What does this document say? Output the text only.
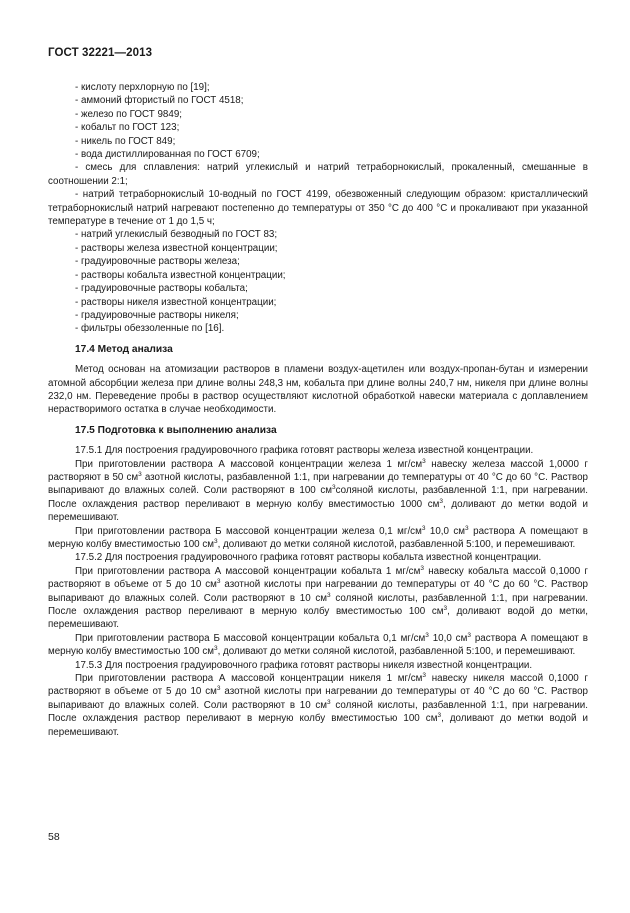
ГОСТ 32221—2013

- кислоту перхлорную по [19];

- аммоний фтористый по ГОСТ 4518;

- железо по ГОСТ 9849;

- кобальт по ГОСТ 123;

- никель по ГОСТ 849;

- вода дистиллированная по ГОСТ 6709;

- смесь для сплавления: натрий углекислый и натрий тетраборнокислый, прокаленный, смешанные в соотношении 2:1;

- натрий тетраборнокислый 10-водный по ГОСТ 4199, обезвоженный следующим образом: кристаллический тетраборнокислый натрий нагревают постепенно до температуры от 350 °С до 400 °С и прокаливают при указанной температуре в течение от 1 до 1,5 ч;

- натрий углекислый безводный по ГОСТ 83;

- растворы железа известной концентрации;

- градуировочные растворы железа;

- растворы кобальта известной концентрации;

- градуировочные растворы кобальта;

- растворы никеля известной концентрации;

- градуировочные растворы никеля;

- фильтры обеззоленные по [16].

17.4 Метод анализа

Метод основан на атомизации растворов в пламени воздух-ацетилен или воздух-пропан-бутан и измерении атомной абсорбции железа при длине волны 248,3 нм, кобальта при длине волны 240,7 нм, никеля при длине волны 232,0 нм. Переведение пробы в раствор осуществляют кислотной обработкой навески материала с доплавлением нерастворимого остатка в случае необходимости.

17.5 Подготовка к выполнению анализа

17.5.1 Для построения градуировочного графика готовят растворы железа известной концентрации.

При приготовлении раствора А массовой концентрации железа 1 $мг/см^3$ навеску железа массой 1,0000 г растворяют в 50 $см^3$ азотной кислоты, разбавленной 1:1, при нагревании до температуры от 40 °С до 60 °С. Раствор выпаривают до влажных солей. Соли растворяют в 100 $см^3соляной$ кислоты, разбавленной 1:1, при нагревании. После охлаждения раствор переливают в мерную колбу вместимостью 1000 $см^3$, доливают до метки водой и перемешивают.

При приготовлении раствора Б массовой концентрации железа 0,1 $мг/см^3$ 10,0 $см^3$ раствора А помещают в мерную колбу вместимостью 100 $см^3$, доливают до метки соляной кислотой, разбавленной 5:100, и перемешивают.

17.5.2 Для построения градуировочного графика готовят растворы кобальта известной концентрации.

При приготовлении раствора А массовой концентрации кобальта 1 $мг/см^3$ навеску кобальта массой 0,1000 г растворяют в объеме от 5 до 10 $см^3$ азотной кислоты при нагревании до температуры от 40 °С до 60 °С. Раствор выпаривают до влажных солей. Соли растворяют в 10 $см^3$ соляной кислоты, разбавленной 1:1, при нагревании. После охлаждения раствор переливают в мерную колбу вместимостью 100 $см^3$, доливают водой до метки, перемешивают.

При приготовлении раствора Б массовой концентрации кобальта 0,1 $мг/см^3$ 10,0 $см^3$ раствора А помещают в мерную колбу вместимостью 100 $см^3$, доливают до метки соляной кислотой, разбавленной 5:100, и перемешивают.

17.5.3 Для построения градуировочного графика готовят растворы никеля известной концентрации.

При приготовлении раствора А массовой концентрации никеля 1 $мг/см^3$ навеску никеля массой 0,1000 г растворяют в объеме от 5 до 10 $см^3$ азотной кислоты при нагревании до температуры от 40 °С до 60 °С. Раствор выпаривают до влажных солей. Соли растворяют в 10 $см^3$ соляной кислоты, разбавленной 1:1, при нагревании. После охлаждения раствор переливают в мерную колбу вместимостью 100 $см^3$, доливают до метки водой и перемешивают.

58
